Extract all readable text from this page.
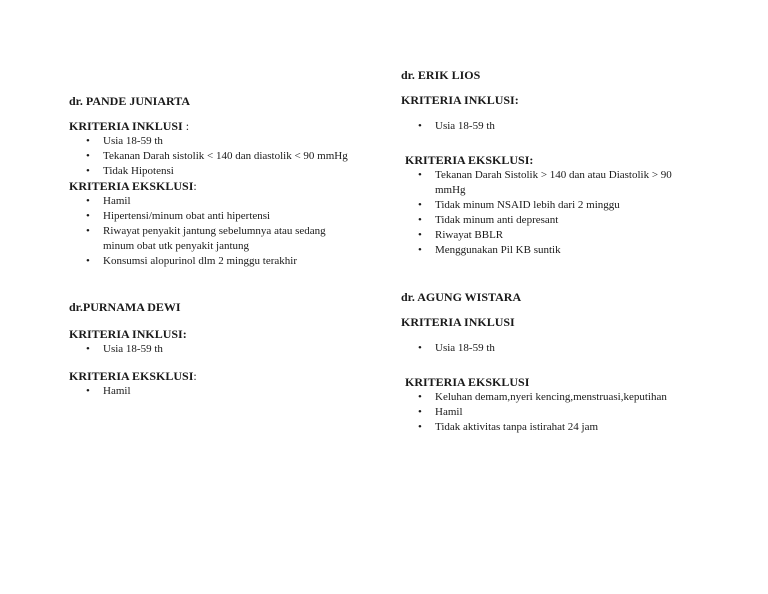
dr. PANDE JUNIARTA

KRITERIA INKLUSI :

• Usia 18-59 th
• Tekanan Darah sistolik < 140 dan diastolik < 90 mmHg
• Tidak Hipotensi

KRITERIA EKSKLUSI:

• Hamil
• Hipertensi/minum obat anti hipertensi
• Riwayat penyakit jantung sebelumnya atau sedang minum obat utk penyakit jantung
• Konsumsi alopurinol dlm 2 minggu terakhir

dr.PURNAMA DEWI

KRITERIA INKLUSI:

• Usia 18-59 th

KRITERIA EKSKLUSI:

• Hamil

dr. ERIK LIOS

KRITERIA INKLUSI:

• Usia 18-59 th

KRITERIA EKSKLUSI:

• Tekanan Darah Sistolik > 140 dan atau Diastolik > 90 mmHg
• Tidak minum NSAID lebih dari 2 minggu
• Tidak minum anti depresant
• Riwayat BBLR
• Menggunakan Pil KB suntik

dr. AGUNG WISTARA

KRITERIA INKLUSI

• Usia 18-59 th

KRITERIA EKSKLUSI

• Keluhan demam,nyeri kencing,menstruasi,keputihan
• Hamil
• Tidak aktivitas tanpa istirahat 24 jam
